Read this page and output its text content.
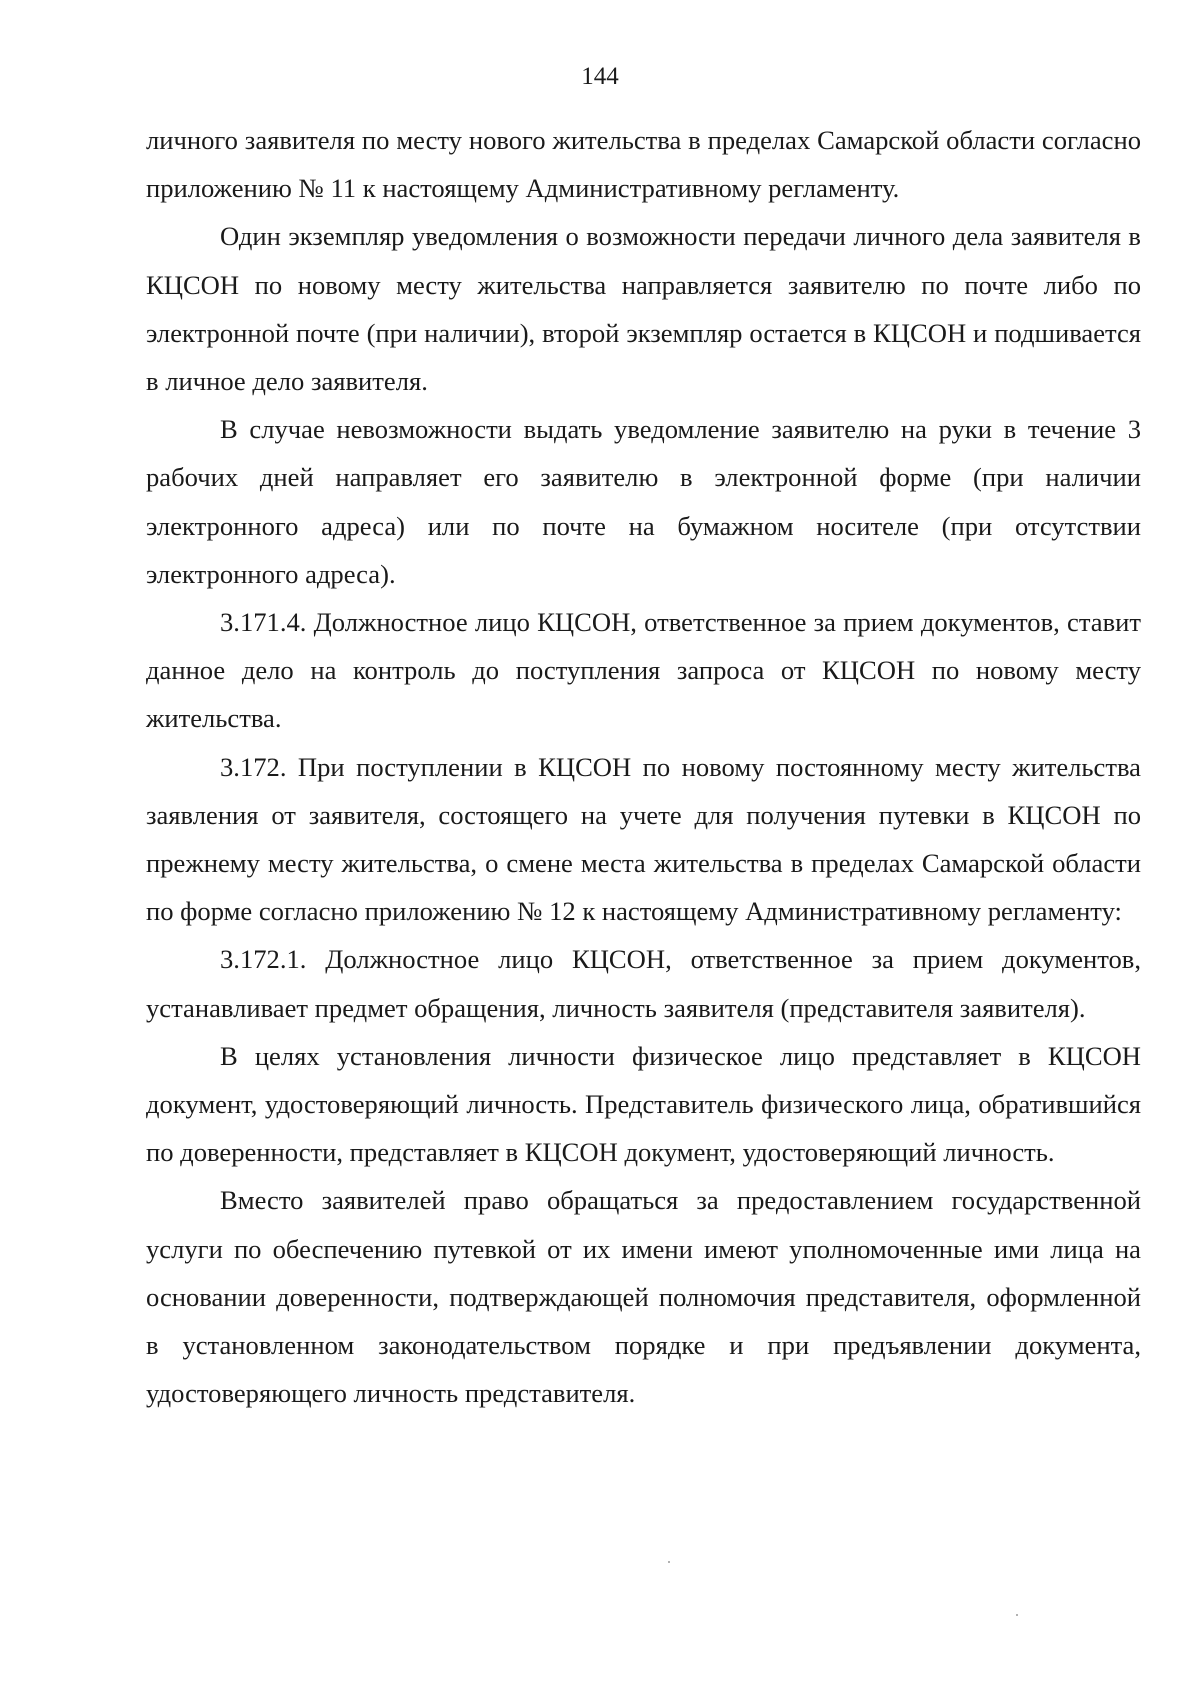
144

личного заявителя по месту нового жительства в пределах Самарской области согласно приложению № 11 к настоящему Административному регламенту.

Один экземпляр уведомления о возможности передачи личного дела заявителя в КЦСОН по новому месту жительства направляется заявителю по почте либо по электронной почте (при наличии), второй экземпляр остается в КЦСОН и подшивается в личное дело заявителя.

В случае невозможности выдать уведомление заявителю на руки в течение 3 рабочих дней направляет его заявителю в электронной форме (при наличии электронного адреса) или по почте на бумажном носителе (при отсутствии электронного адреса).

3.171.4. Должностное лицо КЦСОН, ответственное за прием документов, ставит данное дело на контроль до поступления запроса от КЦСОН по новому месту жительства.

3.172. При поступлении в КЦСОН по новому постоянному месту жительства заявления от заявителя, состоящего на учете для получения путевки в КЦСОН по прежнему месту жительства, о смене места жительства в пределах Самарской области по форме согласно приложению № 12 к настоящему Административному регламенту:

3.172.1. Должностное лицо КЦСОН, ответственное за прием документов, устанавливает предмет обращения, личность заявителя (представителя заявителя).

В целях установления личности физическое лицо представляет в КЦСОН документ, удостоверяющий личность. Представитель физического лица, обратившийся по доверенности, представляет в КЦСОН документ, удостоверяющий личность.

Вместо заявителей право обращаться за предоставлением государственной услуги по обеспечению путевкой от их имени имеют уполномоченные ими лица на основании доверенности, подтверждающей полномочия представителя, оформленной в установленном законодательством порядке и при предъявлении документа, удостоверяющего личность представителя.
